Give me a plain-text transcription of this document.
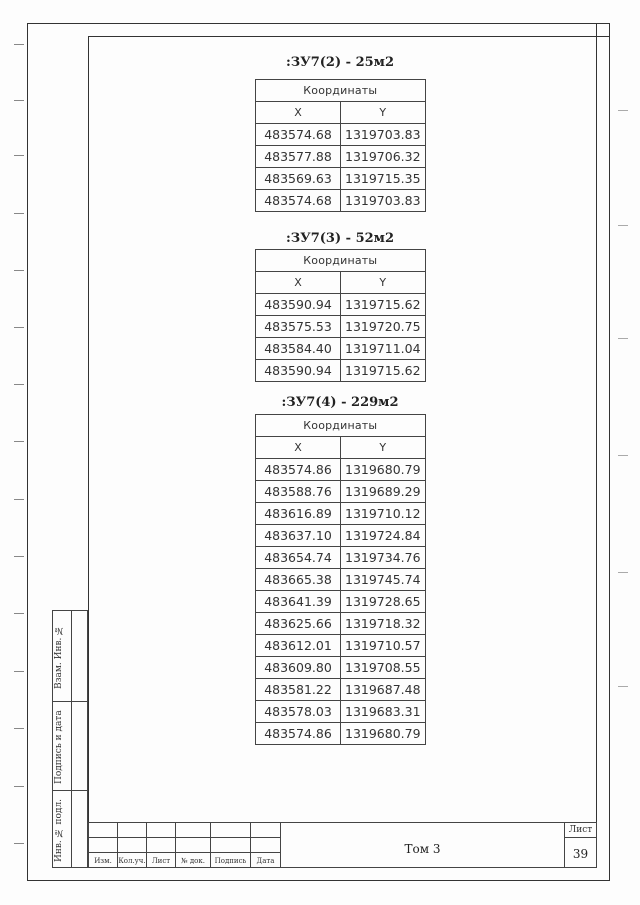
:ЗУ7(2) - 25м2
Координаты	
X	Y
483574.68	1319703.83
483577.88	1319706.32
483569.63	1319715.35
483574.68	1319703.83
:ЗУ7(3) - 52м2
Координаты	
X	Y
483590.94	1319715.62
483575.53	1319720.75
483584.40	1319711.04
483590.94	1319715.62
:ЗУ7(4) - 229м2
Координаты	
X	Y
483574.86	1319680.79
483588.76	1319689.29
483616.89	1319710.12
483637.10	1319724.84
483654.74	1319734.76
483665.38	1319745.74
483641.39	1319728.65
483625.66	1319718.32
483612.01	1319710.57
483609.80	1319708.55
483581.22	1319687.48
483578.03	1319683.31
483574.86	1319680.79
Взам. Инв. №
Подпись и дата
Инв. № подл.	Изм. Кол.уч. Лист	№ док.	Подпись	Дата
Том 3
Лист
39
